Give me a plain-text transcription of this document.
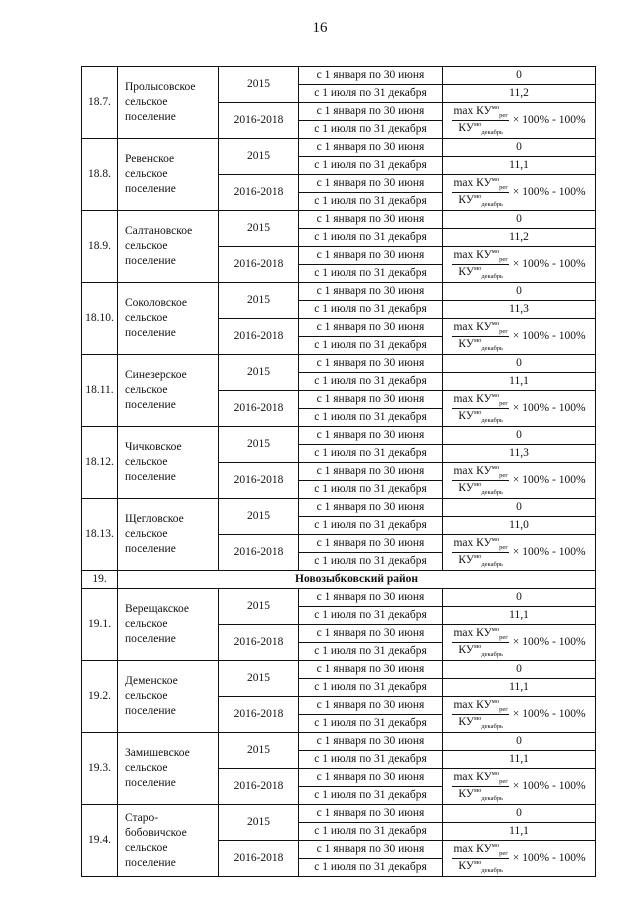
16
18.7.	Пролысовское сельское поселение	2015	с 1 января по 30 июня	0
			с 1 июля по 31 декабря	11,2
		2016-2018	с 1 января по 30 июня	$\frac{\max КУ^{мо}_{рег}}{КУ^{мо}_{декабрь}} \times 100\% - 100\%$

			с 1 июля по 31 декабря	
18.8.	Ревенское сельское поселение	2015	с 1 января по 30 июня	0
			с 1 июля по 31 декабря	11,1
		2016-2018	с 1 января по 30 июня	$\frac{\max КУ^{мо}_{рег}}{КУ^{мо}_{декабрь}} \times 100\% - 100\%$

			с 1 июля по 31 декабря	
18.9.	Салтановское сельское поселение	2015	с 1 января по 30 июня	0
			с 1 июля по 31 декабря	11,2
		2016-2018	с 1 января по 30 июня	$\frac{\max КУ^{мо}_{рег}}{КУ^{мо}_{декабрь}} \times 100\% - 100\%$

			с 1 июля по 31 декабря	
18.10.	Соколовское сельское поселение	2015	с 1 января по 30 июня	0
			с 1 июля по 31 декабря	11,3
		2016-2018	с 1 января по 30 июня	$\frac{\max КУ^{мо}_{рег}}{КУ^{мо}_{декабрь}} \times 100\% - 100\%$

			с 1 июля по 31 декабря	
18.11.	Синезерское сельское поселение	2015	с 1 января по 30 июня	0
			с 1 июля по 31 декабря	11,1
		2016-2018	с 1 января по 30 июня	$\frac{\max КУ^{мо}_{рег}}{КУ^{мо}_{декабрь}} \times 100\% - 100\%$

			с 1 июля по 31 декабря	
18.12.	Чичковское сельское поселение	2015	с 1 января по 30 июня	0
			с 1 июля по 31 декабря	11,3
		2016-2018	с 1 января по 30 июня	$\frac{\max КУ^{мо}_{рег}}{КУ^{мо}_{декабрь}} \times 100\% - 100\%$

			с 1 июля по 31 декабря	
18.13.	Щегловское сельское поселение	2015	с 1 января по 30 июня	0
			с 1 июля по 31 декабря	11,0
		2016-2018	с 1 января по 30 июня	$\frac{\max КУ^{мо}_{рег}}{КУ^{мо}_{декабрь}} \times 100\% - 100\%$

			с 1 июля по 31 декабря	
19.	Новозыбковский район			
19.1.	Верещакское сельское поселение	2015	с 1 января по 30 июня	0
			с 1 июля по 31 декабря	11,1
		2016-2018	с 1 января по 30 июня	$\frac{\max КУ^{мо}_{рег}}{КУ^{мо}_{декабрь}} \times 100\% - 100\%$

			с 1 июля по 31 декабря	
19.2.	Деменское сельское поселение	2015	с 1 января по 30 июня	0
			с 1 июля по 31 декабря	11,1
		2016-2018	с 1 января по 30 июня	$\frac{\max КУ^{мо}_{рег}}{КУ^{мо}_{декабрь}} \times 100\% - 100\%$

			с 1 июля по 31 декабря	
19.3.	Замишевское сельское поселение	2015	с 1 января по 30 июня	0
			с 1 июля по 31 декабря	11,1
		2016-2018	с 1 января по 30 июня	$\frac{\max КУ^{мо}_{рег}}{КУ^{мо}_{декабрь}} \times 100\% - 100\%$

			с 1 июля по 31 декабря	
19.4.	Старо-бобовичское сельское поселение	2015	с 1 января по 30 июня	0
			с 1 июля по 31 декабря	11,1
		2016-2018	с 1 января по 30 июня	$\frac{\max КУ^{мо}_{рег}}{КУ^{мо}_{декабрь}} \times 100\% - 100\%$

			с 1 июля по 31 декабря	
